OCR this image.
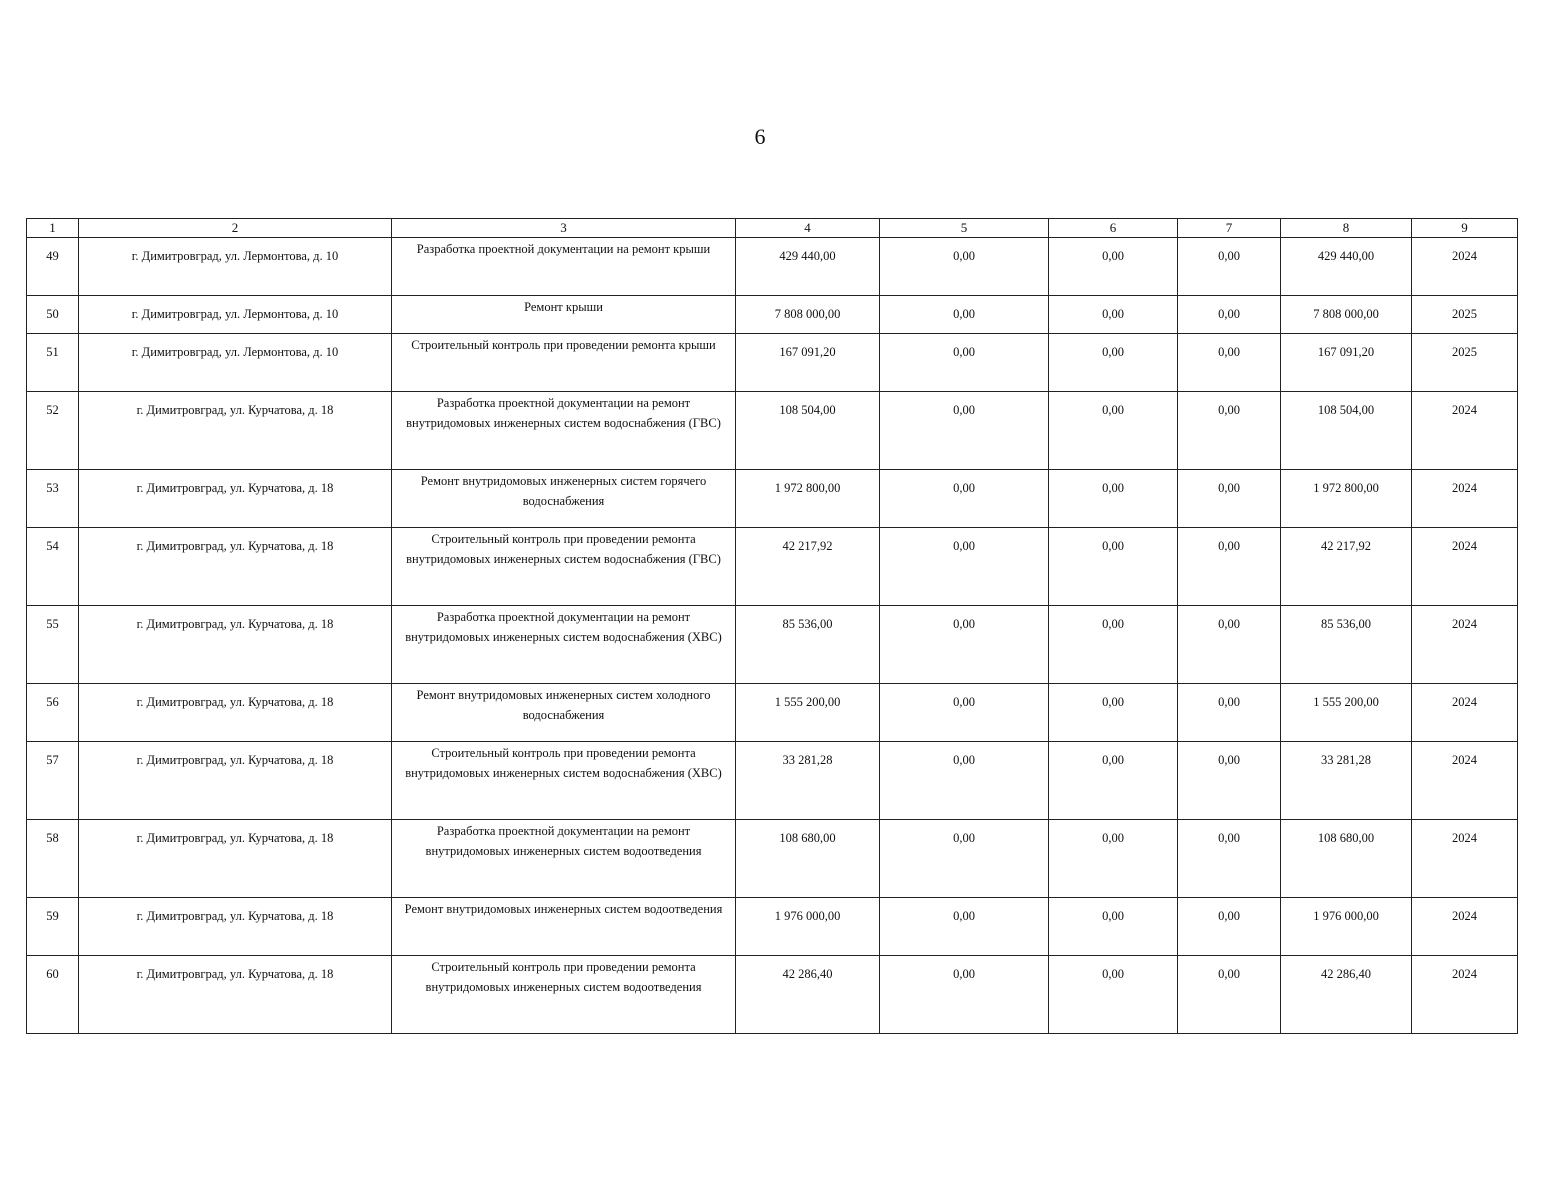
6
1	2	3	4	5	6	7	8	9
49	г. Димитровград, ул. Лермонтова, д. 10	Разработка проектной документации на ремонт крыши	429 440,00	0,00	0,00	0,00	429 440,00	2024
50	г. Димитровград, ул. Лермонтова, д. 10	Ремонт крыши	7 808 000,00	0,00	0,00	0,00	7 808 000,00	2025
51	г. Димитровград, ул. Лермонтова, д. 10	Строительный контроль при проведении ремонта крыши	167 091,20	0,00	0,00	0,00	167 091,20	2025
52	г. Димитровград, ул. Курчатова, д. 18	Разработка проектной документации на ремонт внутридомовых инженерных систем водоснабжения (ГВС)	108 504,00	0,00	0,00	0,00	108 504,00	2024
53	г. Димитровград, ул. Курчатова, д. 18	Ремонт внутридомовых инженерных систем горячего водоснабжения	1 972 800,00	0,00	0,00	0,00	1 972 800,00	2024
54	г. Димитровград, ул. Курчатова, д. 18	Строительный контроль при проведении ремонта внутридомовых инженерных систем водоснабжения (ГВС)	42 217,92	0,00	0,00	0,00	42 217,92	2024
55	г. Димитровград, ул. Курчатова, д. 18	Разработка проектной документации на ремонт внутридомовых инженерных систем водоснабжения (ХВС)	85 536,00	0,00	0,00	0,00	85 536,00	2024
56	г. Димитровград, ул. Курчатова, д. 18	Ремонт внутридомовых инженерных систем холодного водоснабжения	1 555 200,00	0,00	0,00	0,00	1 555 200,00	2024
57	г. Димитровград, ул. Курчатова, д. 18	Строительный контроль при проведении ремонта внутридомовых инженерных систем водоснабжения (ХВС)	33 281,28	0,00	0,00	0,00	33 281,28	2024
58	г. Димитровград, ул. Курчатова, д. 18	Разработка проектной документации на ремонт внутридомовых инженерных систем водоотведения	108 680,00	0,00	0,00	0,00	108 680,00	2024
59	г. Димитровград, ул. Курчатова, д. 18	Ремонт внутридомовых инженерных систем водоотведения	1 976 000,00	0,00	0,00	0,00	1 976 000,00	2024
60	г. Димитровград, ул. Курчатова, д. 18	Строительный контроль при проведении ремонта внутридомовых инженерных систем водоотведения	42 286,40	0,00	0,00	0,00	42 286,40	2024
